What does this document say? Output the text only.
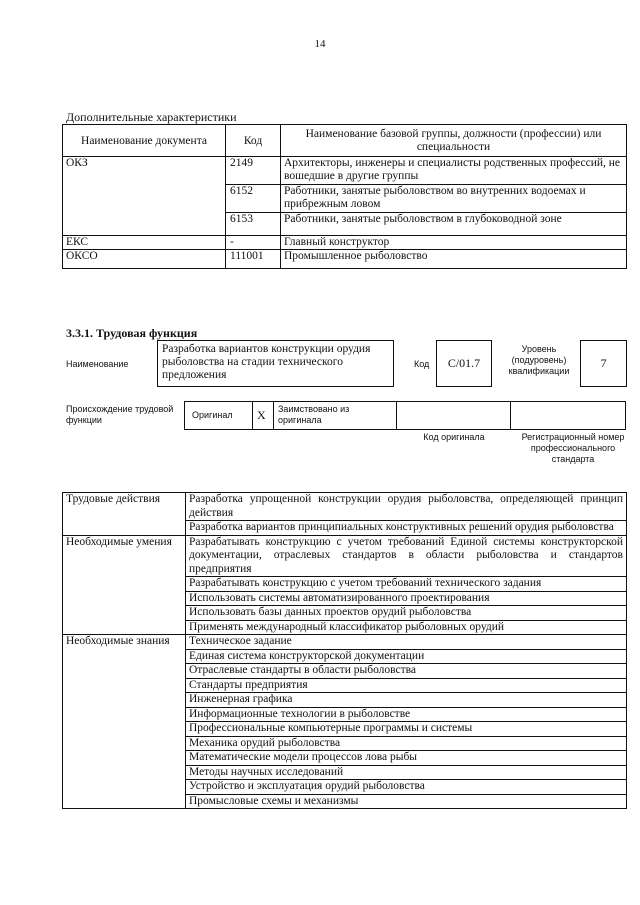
14
Дополнительные характеристики
Наименование документа	Код	Наименование базовой группы, должности (профессии) или специальности
ОКЗ	2149	Архитекторы, инженеры и специалисты родственных профессий, не вошедшие в другие группы
	6152	Работники, занятые рыболовством во внутренних водоемах и прибрежным ловом
	6153	Работники, занятые рыболовством в глубоководной зоне
ЕКС	-	Главный конструктор
ОКСО	111001	Промышленное рыболовство
3.3.1. Трудовая функция
Наименование
Разработка вариантов конструкции орудия рыболовства на стадии технического предложения
Код	С/01.7
Уровень (подуровень) квалификации
7
Происхождение трудовой функции	Оригинал X Заимствовано из оригинала
Код оригинала	Регистрационный номер профессионального стандарта
Трудовые действия	Разработка упрощенной конструкции орудия рыболовства, определяющей принцип действия
	Разработка вариантов принципиальных конструктивных решений орудия рыболовства
Необходимые умения	Разрабатывать конструкцию с учетом требований Единой системы конструкторской документации, отраслевых стандартов в области рыболовства и стандартов предприятия
	Разрабатывать конструкцию с учетом требований технического задания
	Использовать системы автоматизированного проектирования
	Использовать базы данных проектов орудий рыболовства
	Применять международный классификатор рыболовных орудий
Необходимые знания	Техническое задание
	Единая система конструкторской документации
	Отраслевые стандарты в области рыболовства
	Стандарты предприятия
	Инженерная графика
	Информационные технологии в рыболовстве
	Профессиональные компьютерные программы и системы
	Механика орудий рыболовства
	Математические модели процессов лова рыбы
	Методы научных исследований
	Устройство и эксплуатация орудий рыболовства
	Промысловые схемы и механизмы
